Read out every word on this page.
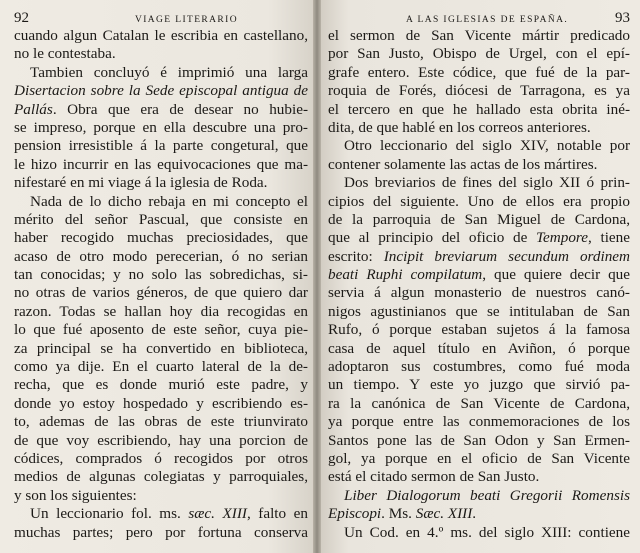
92	VIAGE LITERARIO
cuando algun Catalan le escribia en castellano,
no le contestaba.
Tambien concluyó é imprimió una larga
Disertacion sobre la Sede episcopal antigua de
Pallás. Obra que era de desear no hubie-
se impreso, porque en ella descubre una pro-
pension irresistible á la parte congetural, que
le hizo incurrir en las equivocaciones que ma-
nifestaré en mi viage á la iglesia de Roda.
Nada de lo dicho rebaja en mi concepto el
mérito del señor Pascual, que consiste en
haber recogido muchas preciosidades, que
acaso de otro modo perecerian, ó no serian
tan conocidas; y no solo las sobredichas, si-
no otras de varios géneros, de que quiero dar
razon. Todas se hallan hoy dia recogidas en
lo que fué aposento de este señor, cuya pie-
za principal se ha convertido en biblioteca,
como ya dije. En el cuarto lateral de la de-
recha, que es donde murió este padre, y
donde yo estoy hospedado y escribiendo es-
to, ademas de las obras de este triunvirato
de que voy escribiendo, hay una porcion de
códices, comprados ó recogidos por otros
medios de algunas colegiatas y parroquiales,
y son los siguientes:
Un leccionario fol. ms. sæc. XIII, falto en
muchas partes; pero por fortuna conserva
A LAS IGLESIAS DE ESPAÑA.	93
el sermon de San Vicente mártir predicado
por San Justo, Obispo de Urgel, con el epí-
grafe entero. Este códice, que fué de la par-
roquia de Forés, diócesi de Tarragona, es ya
el tercero en que he hallado esta obrita iné-
dita, de que hablé en los correos anteriores.
Otro leccionario del siglo XIV, notable por
contener solamente las actas de los mártires.
Dos breviarios de fines del siglo XII ó prin-
cipios del siguiente. Uno de ellos era propio
de la parroquia de San Miguel de Cardona,
que al principio del oficio de Tempore, tiene
escrito: Incipit breviarum secundum ordinem
beati Ruphi compilatum, que quiere decir que
servia á algun monasterio de nuestros canó-
nigos agustinianos que se intitulaban de San
Rufo, ó porque estaban sujetos á la famosa
casa de aquel título en Aviñon, ó porque
adoptaron sus costumbres, como fué moda
un tiempo. Y este yo juzgo que sirvió pa-
ra la canónica de San Vicente de Cardona,
ya porque entre las conmemoraciones de los
Santos pone las de San Odon y San Ermen-
gol, ya porque en el oficio de San Vicente
está el citado sermon de San Justo.
Liber Dialogorum beati Gregorii Romensis
Episcopi. Ms. Sæc. XIII.
Un Cod. en 4.º ms. del siglo XIII: contiene
